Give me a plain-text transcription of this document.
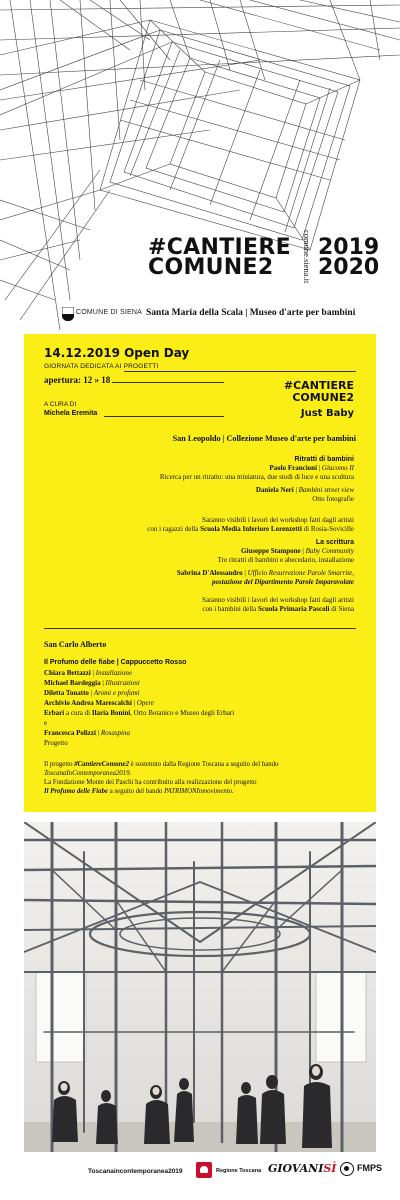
#CANTIERE
COMUNE2	comune.siena.it 2019
2020
COMUNE DI SIENA Santa Maria della Scala | Museo d'arte per bambini
14.12.2019 Open Day
GIORNATA DEDICATA AI PROGETTI
apertura: 12 » 18
A CURA DI
Michela Eremita
#CANTIERE
COMUNE2
Just Baby
San Leopoldo | Collezione Museo d'arte per bambini
Ritratti di bambini
Paolo Francioni | Giacomo II
Ricerca per un ritratto: una miniatura, due studi di luce e una scultura
Daniela Neri | Bambini street view
Otto fotografie
Saranno visibili i lavori dei workshop fatti dagli artisti
con i ragazzi della Scuola Media Inferiore Lorenzetti di Rosia-Sovicille
La scrittura
Giuseppe Stampone | Baby Community
Tre ritratti di bambini e abecedario, installazione
Sabrina D'Alessandro | Ufficio Resurrezione Parole Smarrite,
postazione del Dipartimento Parole Imparavolate
Saranno visibili i lavori dei workshop fatti dagli artisti
con i bambini della Scuola Primaria Pascoli di Siena
San Carlo Alberto
Il Profumo delle fiabe | Cappuccetto Rosso
Chiara Bettazzi | Installazione
Michael Bardeggia | Illustrazioni
Diletta Tonatto | Aromi e profumi
Archivio Andrea Marescalchi | Opere
Erbari a cura di Ilaria Bonini, Orto Botanico e Museo degli Erbari
e
Francesca Polizzi | Rosaspina
Progetto
Il progetto #CantiereComune2 è sostenuto dalla Regione Toscana a seguito del bando
ToscanaInContemporanea2019.
La Fondazione Monte dei Paschi ha contribuito alla realizzazione del progetto
Il Profumo delle Fiabe a seguito del bando PATRIMONInmovimento.
Toscanaincontemporanea2019	Regione Toscana GIOVANISÌ FMPS
